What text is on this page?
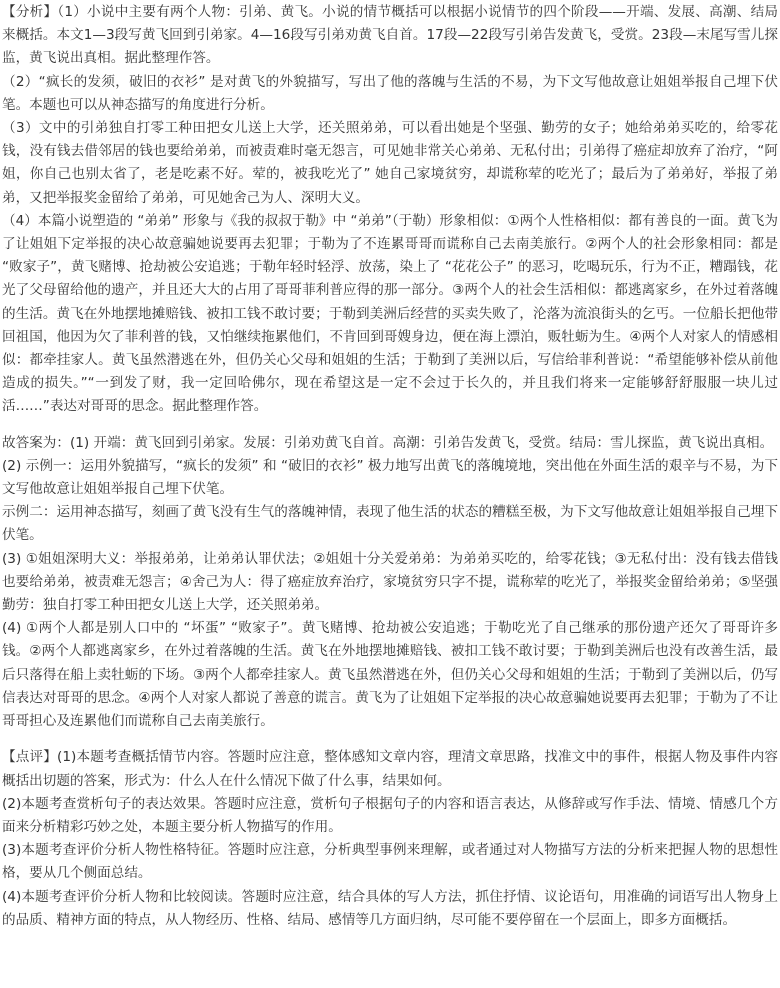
【分析】（1）小说中主要有两个人物：引弟、黄飞。小说的情节概括可以根据小说情节的四个阶段——开端、发展、高潮、结局来概括。本文1—3段写黄飞回到引弟家。4—16段写引弟劝黄飞自首。17段—22段写引弟告发黄飞，受赏。23段—末尾写雪儿探监，黄飞说出真相。据此整理作答。

（2）“疯长的发须，破旧的衣衫” 是对黄飞的外貌描写，写出了他的落魄与生活的不易，为下文写他故意让姐姐举报自己埋下伏笔。本题也可以从神态描写的角度进行分析。

（3）文中的引弟独自打零工种田把女儿送上大学，还关照弟弟，可以看出她是个坚强、勤劳的女子；她给弟弟买吃的，给零花钱，没有钱去借邻居的钱也要给弟弟，而被责难时毫无怨言，可见她非常关心弟弟、无私付出；引弟得了癌症却放弃了治疗，“阿姐，你自己也别太省了，老是吃素不好。荤的，被我吃光了” 她自己家境贫穷，却谎称荤的吃光了；最后为了弟弟好，举报了弟弟，又把举报奖金留给了弟弟，可见她舍己为人、深明大义。

（4）本篇小说塑造的 “弟弟” 形象与《我的叔叔于勒》中 “弟弟”（于勒）形象相似：①两个人性格相似：都有善良的一面。黄飞为了让姐姐下定举报的决心故意骗她说要再去犯罪；于勒为了不连累哥哥而谎称自己去南美旅行。②两个人的社会形象相同：都是 “败家子”，黄飞赌博、抢劫被公安追逃；于勒年轻时轻浮、放荡，染上了 “花花公子” 的恶习，吃喝玩乐，行为不正，糟蹋钱，花光了父母留给他的遗产，并且还大大的占用了哥哥菲利普应得的那一部分。③两个人的社会生活相似：都逃离家乡，在外过着落魄的生活。黄飞在外地摆地摊赔钱、被扣工钱不敢讨要；于勒到美洲后经营的买卖失败了，沦落为流浪街头的乞丐。一位船长把他带回祖国，他因为欠了菲利普的钱，又怕继续拖累他们，不肯回到哥嫂身边，便在海上漂泊，贩牡蛎为生。④两个人对家人的情感相似：都牵挂家人。黄飞虽然潜逃在外，但仍关心父母和姐姐的生活；于勒到了美洲以后，写信给菲利普说：“希望能够补偿从前他造成的损失。”“一到发了财，我一定回哈佛尔，现在希望这是一定不会过于长久的，并且我们将来一定能够舒舒服服一块儿过活……”表达对哥哥的思念。据此整理作答。

故答案为：(1) 开端：黄飞回到引弟家。发展：引弟劝黄飞自首。高潮：引弟告发黄飞，受赏。结局：雪儿探监，黄飞说出真相。

(2) 示例一：运用外貌描写，“疯长的发须” 和 “破旧的衣衫” 极力地写出黄飞的落魄境地，突出他在外面生活的艰辛与不易，为下文写他故意让姐姐举报自己埋下伏笔。

示例二：运用神态描写，刻画了黄飞没有生气的落魄神情，表现了他生活的状态的糟糕至极，为下文写他故意让姐姐举报自己埋下伏笔。

(3) ①姐姐深明大义：举报弟弟，让弟弟认罪伏法；②姐姐十分关爱弟弟：为弟弟买吃的，给零花钱；③无私付出：没有钱去借钱也要给弟弟，被责难无怨言；④舍己为人：得了癌症放弃治疗，家境贫穷只字不提，谎称荤的吃光了，举报奖金留给弟弟；⑤坚强勤劳：独自打零工种田把女儿送上大学，还关照弟弟。

(4) ①两个人都是别人口中的 “坏蛋” “败家子”。黄飞赌博、抢劫被公安追逃；于勒吃光了自己继承的那份遗产还欠了哥哥许多钱。②两个人都逃离家乡，在外过着落魄的生活。黄飞在外地摆地摊赔钱、被扣工钱不敢讨要；于勒到美洲后也没有改善生活，最后只落得在船上卖牡蛎的下场。③两个人都牵挂家人。黄飞虽然潜逃在外，但仍关心父母和姐姐的生活；于勒到了美洲以后，仍写信表达对哥哥的思念。④两个人对家人都说了善意的谎言。黄飞为了让姐姐下定举报的决心故意骗她说要再去犯罪；于勒为了不让哥哥担心及连累他们而谎称自己去南美旅行。

【点评】(1)本题考查概括情节内容。答题时应注意，整体感知文章内容，理清文章思路，找准文中的事件，根据人物及事件内容概括出切题的答案，形式为：什么人在什么情况下做了什么事，结果如何。

(2)本题考查赏析句子的表达效果。答题时应注意，赏析句子根据句子的内容和语言表达，从修辞或写作手法、情境、情感几个方面来分析精彩巧妙之处，本题主要分析人物描写的作用。

(3)本题考查评价分析人物性格特征。答题时应注意，分析典型事例来理解，或者通过对人物描写方法的分析来把握人物的思想性格，要从几个侧面总结。

(4)本题考查评价分析人物和比较阅读。答题时应注意，结合具体的写人方法，抓住抒情、议论语句，用准确的词语写出人物身上的品质、精神方面的特点，从人物经历、性格、结局、感情等几方面归纳，尽可能不要停留在一个层面上，即多方面概括。
